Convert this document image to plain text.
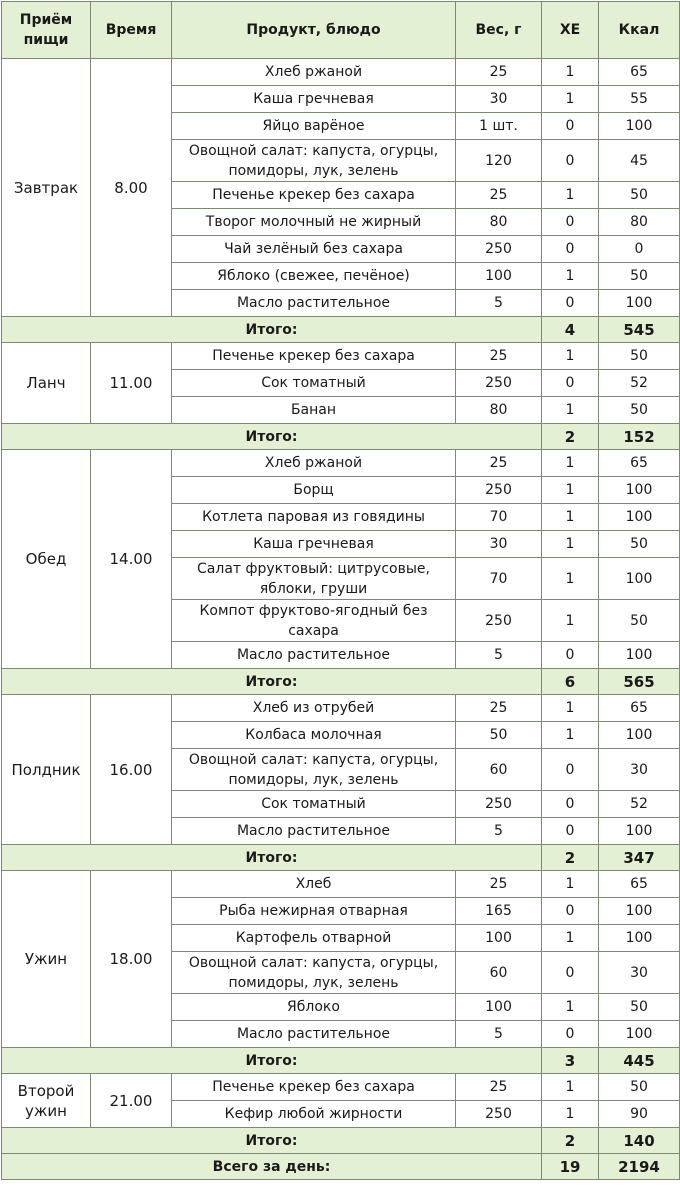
Приём пищи	Время	Продукт, блюдо	Вес, г	ХЕ	Ккал
Завтрак	8.00	Хлеб ржаной	25	1	65
		Каша гречневая	30	1	55
		Яйцо варёное	1 шт.	0	100
		Овощной салат: капуста, огурцы, помидоры, лук, зелень	120	0	45
		Печенье крекер без сахара	25	1	50
		Творог молочный не жирный	80	0	80
		Чай зелёный без сахара	250	0	0
		Яблоко (свежее, печёное)	100	1	50
		Масло растительное	5	0	100
Итого:				4	545
Ланч	11.00	Печенье крекер без сахара	25	1	50
		Сок томатный	250	0	52
		Банан	80	1	50
Итого:				2	152
Обед	14.00	Хлеб ржаной	25	1	65
		Борщ	250	1	100
		Котлета паровая из говядины	70	1	100
		Каша гречневая	30	1	50
		Салат фруктовый: цитрусовые, яблоки, груши	70	1	100
		Компот фруктово-ягодный без сахара	250	1	50
		Масло растительное	5	0	100
Итого:				6	565
Полдник	16.00	Хлеб из отрубей	25	1	65
		Колбаса молочная	50	1	100
		Овощной салат: капуста, огурцы, помидоры, лук, зелень	60	0	30
		Сок томатный	250	0	52
		Масло растительное	5	0	100
Итого:				2	347
Ужин	18.00	Хлеб	25	1	65
		Рыба нежирная отварная	165	0	100
		Картофель отварной	100	1	100
		Овощной салат: капуста, огурцы, помидоры, лук, зелень	60	0	30
		Яблоко	100	1	50
		Масло растительное	5	0	100
Итого:				3	445
Второй ужин	21.00	Печенье крекер без сахара	25	1	50
		Кефир любой жирности	250	1	90
Итого:				2	140
Всего за день:				19	2194
